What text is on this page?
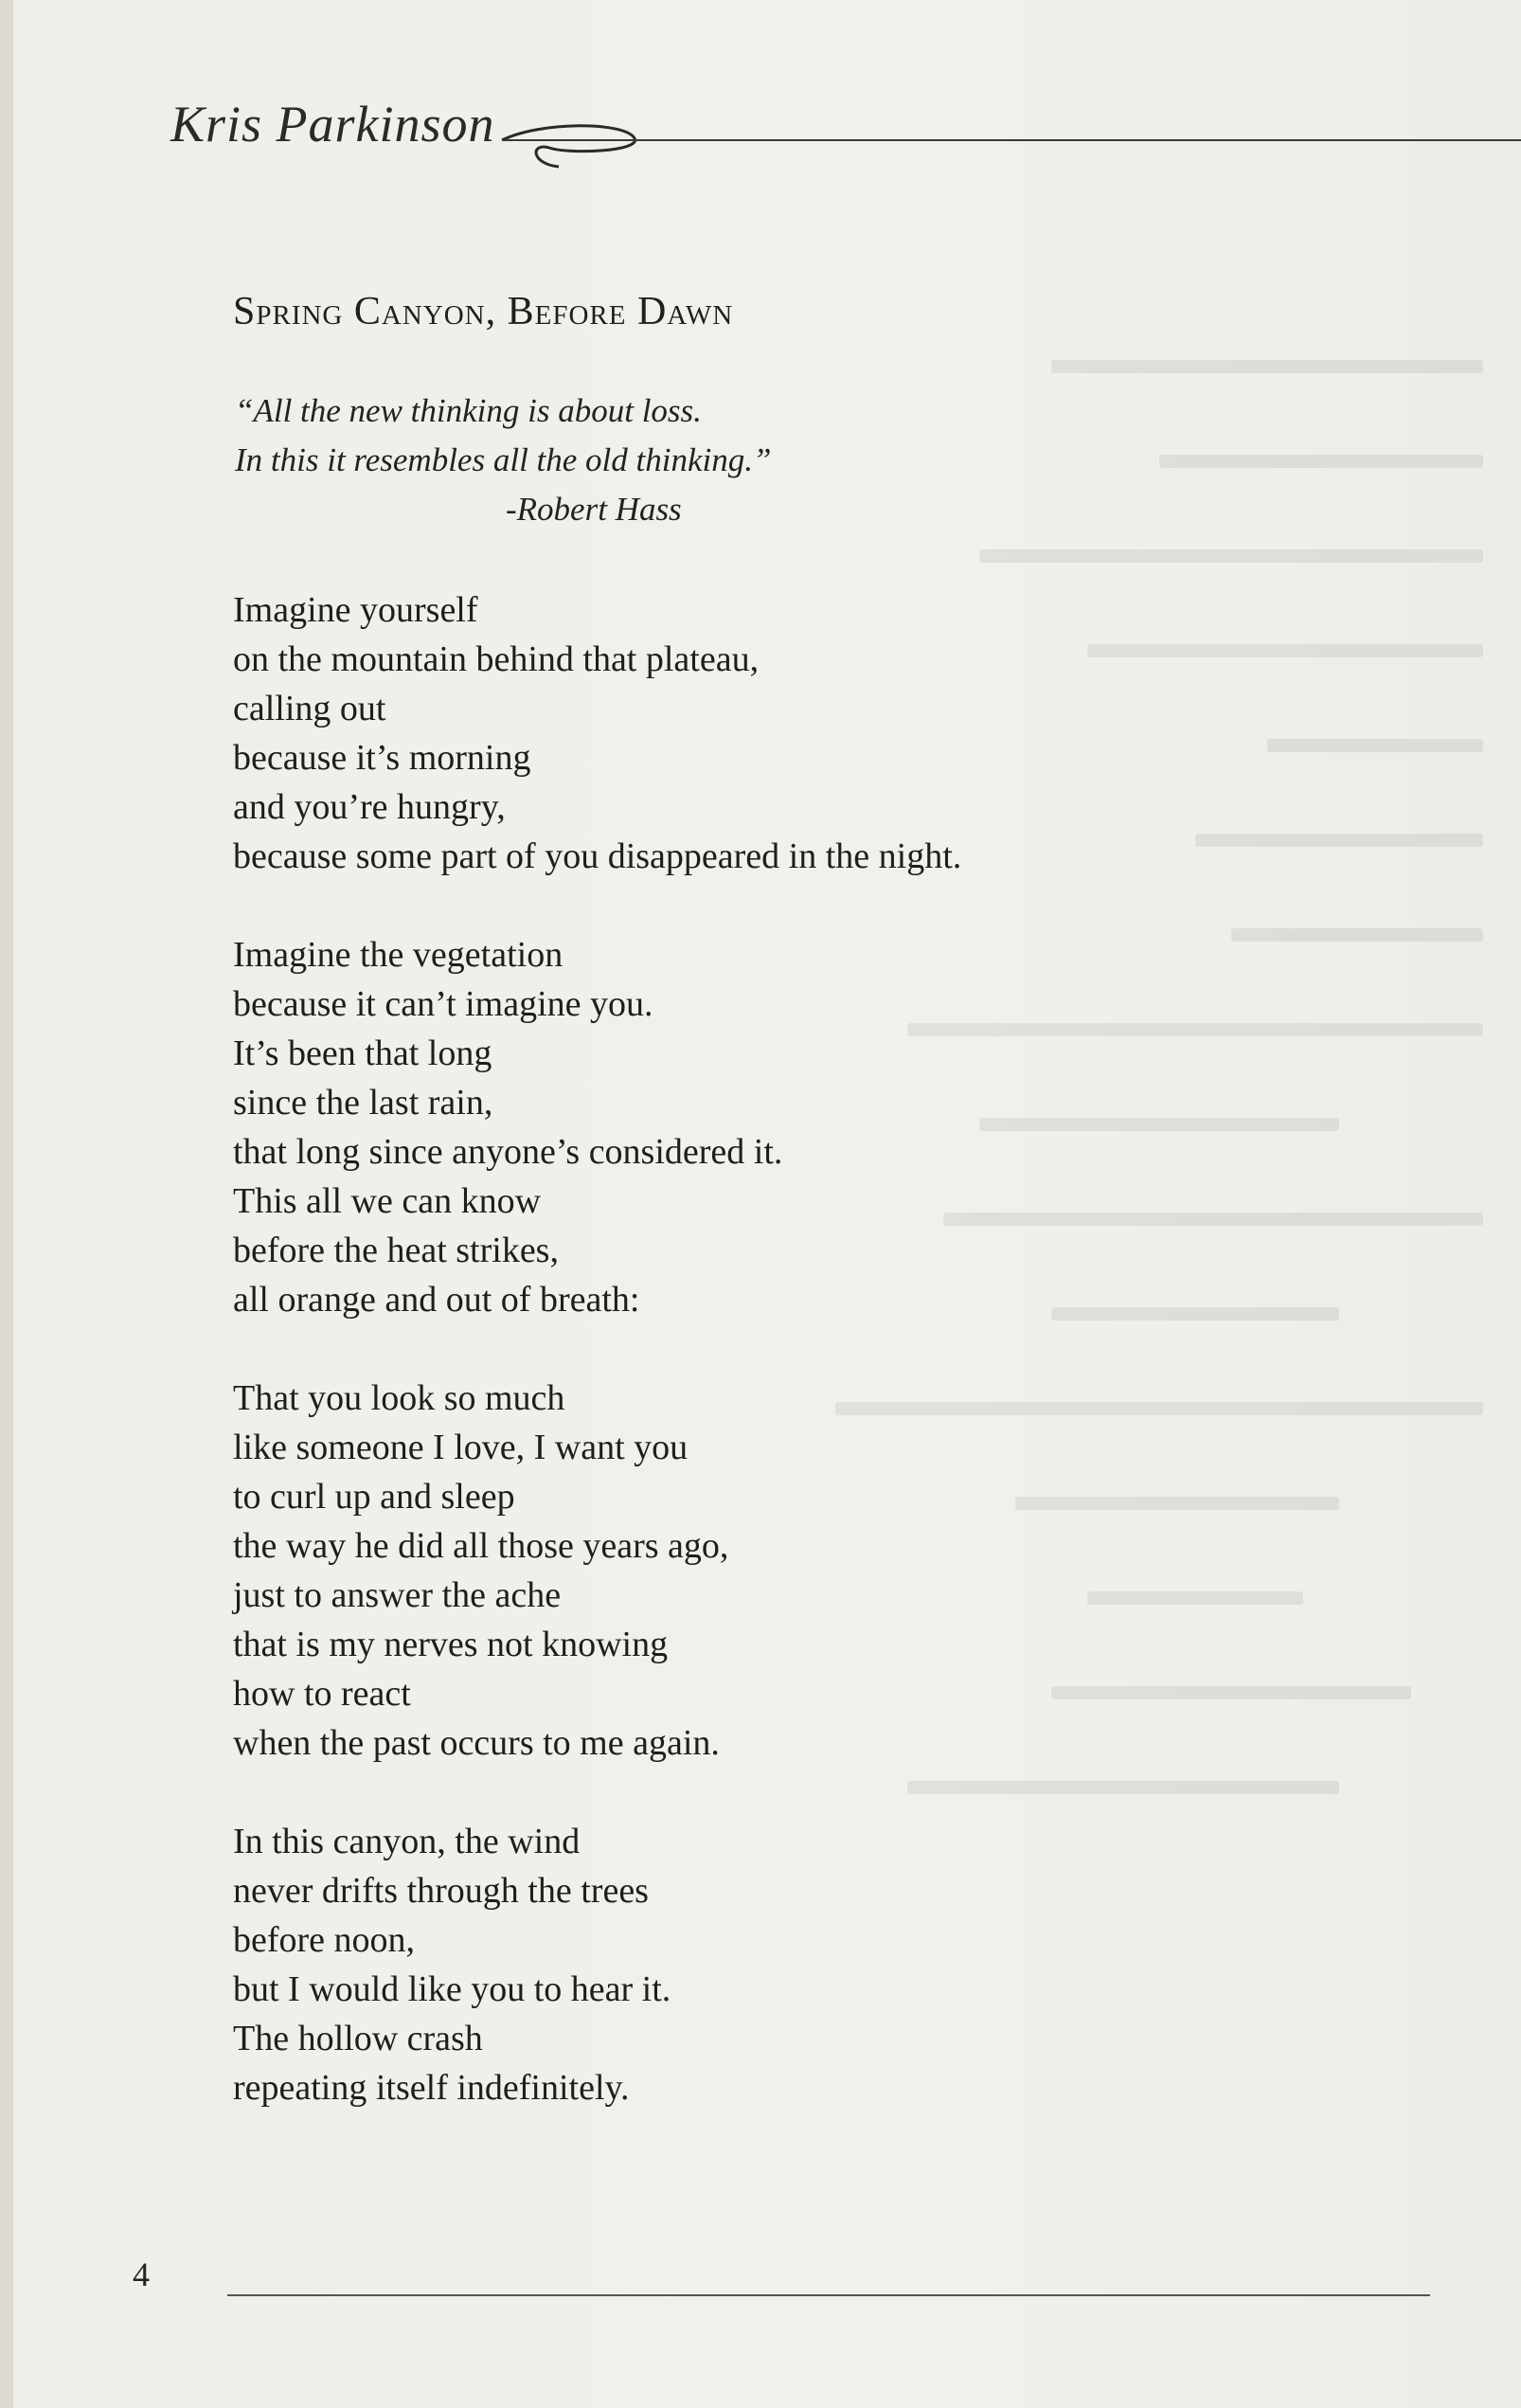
Kris Parkinson
Spring Canyon, Before Dawn
“All the new thinking is about loss.
In this it resembles all the old thinking.”
-Robert Hass

Imagine yourself

on the mountain behind that plateau,

calling out

because it’s morning

and you’re hungry,

because some part of you disappeared in the night.

Imagine the vegetation

because it can’t imagine you.

It’s been that long

since the last rain,

that long since anyone’s considered it.

This all we can know

before the heat strikes,

all orange and out of breath:

That you look so much

like someone I love, I want you

to curl up and sleep

the way he did all those years ago,

just to answer the ache

that is my nerves not knowing

how to react

when the past occurs to me again.

In this canyon, the wind

never drifts through the trees

before noon,

but I would like you to hear it.

The hollow crash

repeating itself indefinitely.

4
